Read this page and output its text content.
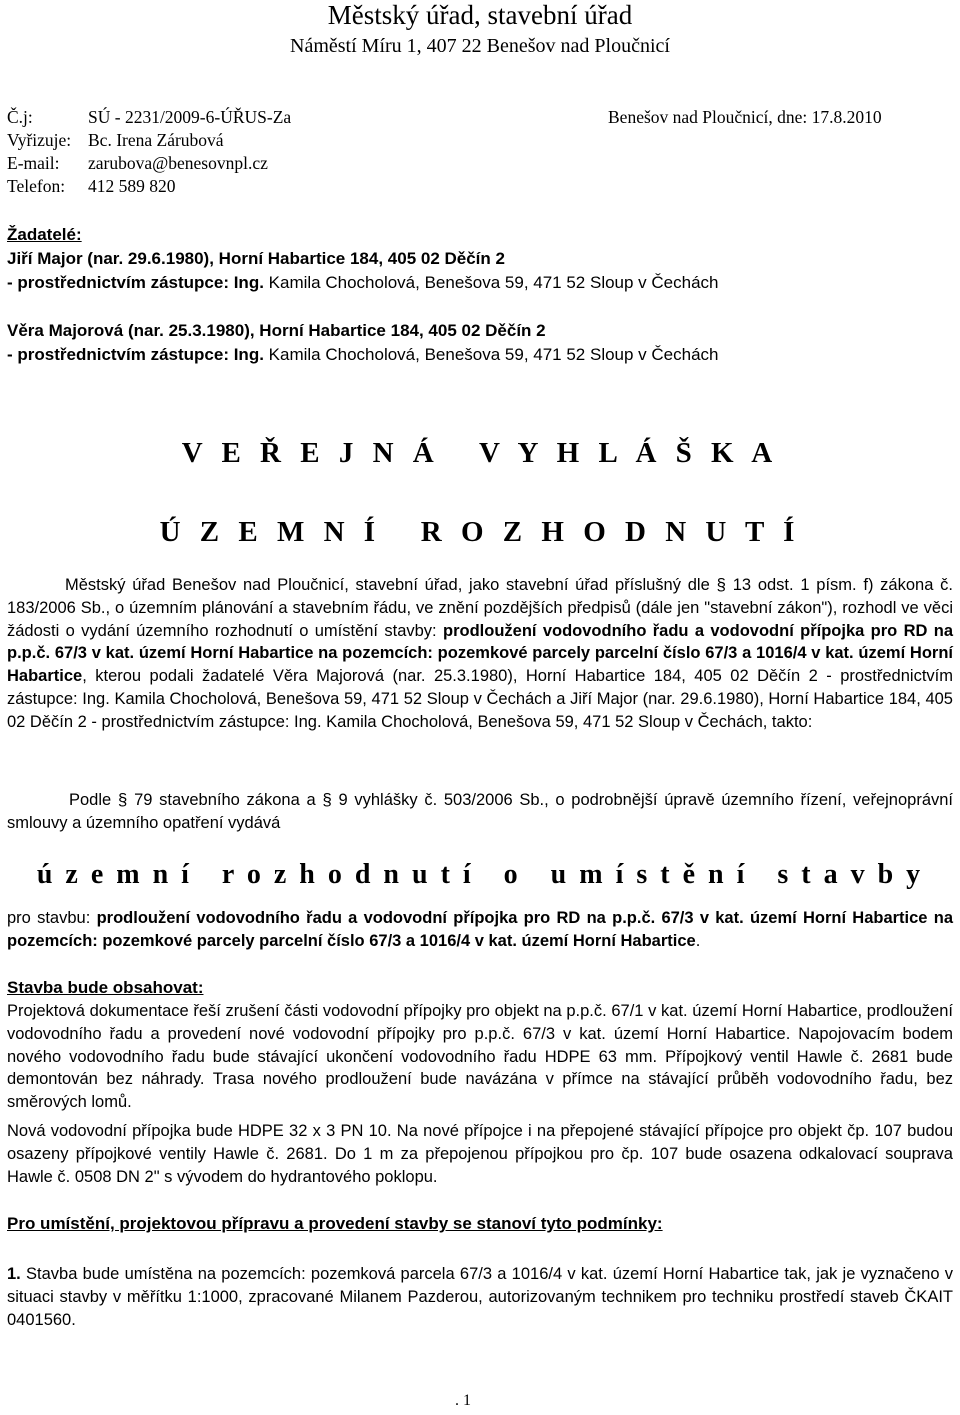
Městský úřad, stavební úřad
Náměstí Míru 1, 407 22 Benešov nad Ploučnicí
Č.j:	SÚ - 2231/2009-6-ÚŘUS-Za	Benešov nad Ploučnicí, dne: 17.8.2010
Vyřizuje: Bc. Irena Zárubová
E-mail: zarubova@benesovnpl.cz
Telefon: 412 589 820
Žadatelé:
Jiří Major (nar. 29.6.1980), Horní Habartice 184, 405 02 Děčín 2
- prostřednictvím zástupce: Ing. Kamila Chocholová, Benešova 59, 471 52 Sloup v Čechách
Věra Majorová (nar. 25.3.1980), Horní Habartice 184, 405 02 Děčín 2
- prostřednictvím zástupce: Ing. Kamila Chocholová, Benešova 59, 471 52 Sloup v Čechách
V E Ř E J N Á   V Y H L Á Š K A
Ú Z E M N Í   R O Z H O D N U T Í
Městský úřad Benešov nad Ploučnicí, stavební úřad, jako stavební úřad příslušný dle § 13 odst. 1 písm. f) zákona č. 183/2006 Sb., o územním plánování a stavebním řádu, ve znění pozdějších předpisů (dále jen "stavební zákon"), rozhodl ve věci žádosti o vydání územního rozhodnutí o umístění stavby: prodloužení vodovodního řadu a vodovodní přípojka pro RD na p.p.č. 67/3 v kat. území Horní Habartice na pozemcích: pozemkové parcely parcelní číslo 67/3 a 1016/4 v kat. území Horní Habartice, kterou podali žadatelé Věra Majorová (nar. 25.3.1980), Horní Habartice 184, 405 02 Děčín 2 - prostřednictvím zástupce: Ing. Kamila Chocholová, Benešova 59, 471 52 Sloup v Čechách a Jiří Major (nar. 29.6.1980), Horní Habartice 184, 405 02 Děčín 2 - prostřednictvím zástupce: Ing. Kamila Chocholová, Benešova 59, 471 52 Sloup v Čechách, takto:
Podle § 79 stavebního zákona a § 9 vyhlášky č. 503/2006 Sb., o podrobnější úpravě územního řízení, veřejnoprávní smlouvy a územního opatření vydává
ú z e m n í   r o z h o d n u t í   o   u m í s t ě n í   s t a v b y
pro stavbu: prodloužení vodovodního řadu a vodovodní přípojka pro RD na p.p.č. 67/3 v kat. území Horní Habartice na pozemcích: pozemkové parcely parcelní číslo 67/3 a 1016/4 v kat. území Horní Habartice.
Stavba bude obsahovat:
Projektová dokumentace řeší zrušení části vodovodní přípojky pro objekt na p.p.č. 67/1 v kat. území Horní Habartice, prodloužení vodovodního řadu a provedení nové vodovodní přípojky pro p.p.č. 67/3 v kat. území Horní Habartice. Napojovacím bodem nového vodovodního řadu bude stávající ukončení vodovodního řadu HDPE 63 mm. Přípojkový ventil Hawle č. 2681 bude demontován bez náhrady. Trasa nového prodloužení bude navázána v přímce na stávající průběh vodovodního řadu, bez směrových lomů.
Nová vodovodní přípojka bude HDPE 32 x 3 PN 10. Na nové přípojce i na přepojené stávající přípojce pro objekt čp. 107 budou osazeny přípojkové ventily Hawle č. 2681. Do 1 m za přepojenou přípojkou pro čp. 107 bude osazena odkalovací souprava Hawle č. 0508 DN 2" s vývodem do hydrantového poklopu.
Pro umístění, projektovou přípravu a provedení stavby se stanoví tyto podmínky:
1. Stavba bude umístěna na pozemcích: pozemková parcela 67/3 a 1016/4 v kat. území Horní Habartice tak, jak je vyznačeno v situaci stavby v měřítku 1:1000, zpracované Milanem Pazderou, autorizovaným technikem pro techniku prostředí staveb ČKAIT 0401560.
. 1
